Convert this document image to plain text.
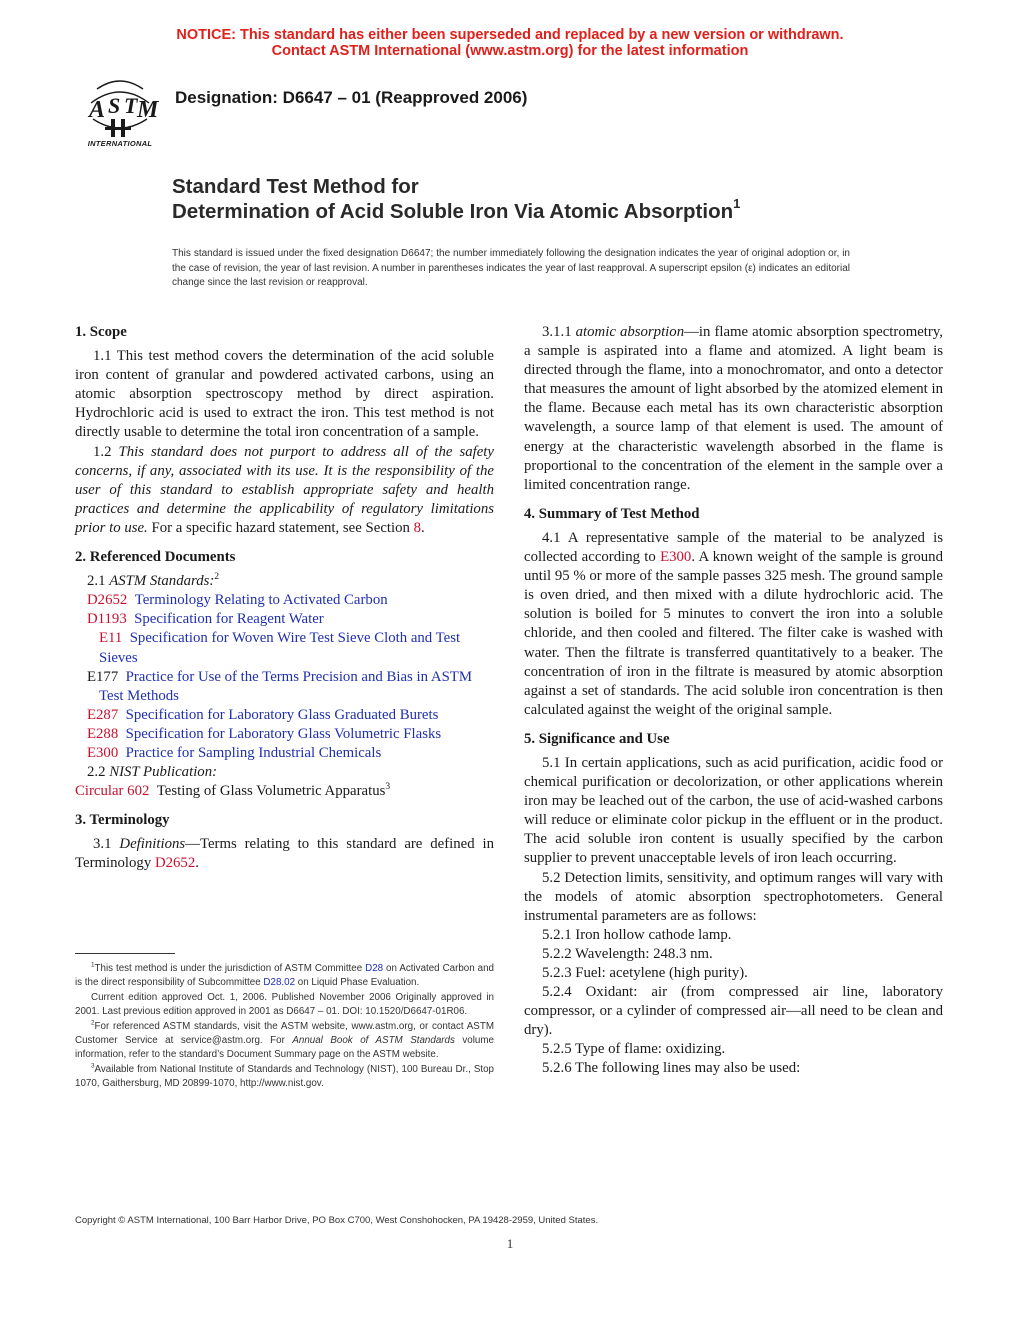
NOTICE: This standard has either been superseded and replaced by a new version or withdrawn.
Contact ASTM International (www.astm.org) for the latest information
A S T M
INTERNATIONAL
Designation: D6647 – 01 (Reapproved 2006)
Standard Test Method for
Determination of Acid Soluble Iron Via Atomic Absorption$^1$
This standard is issued under the fixed designation D6647; the number immediately following the designation indicates the year of original adoption or, in the case of revision, the year of last revision. A number in parentheses indicates the year of last reapproval. A superscript epsilon (ε) indicates an editorial change since the last revision or reapproval.

1. Scope

1.1 This test method covers the determination of the acid soluble iron content of granular and powdered activated carbons, using an atomic absorption spectroscopy method by direct aspiration. Hydrochloric acid is used to extract the iron. This test method is not directly usable to determine the total iron concentration of a sample.

1.2 This standard does not purport to address all of the safety concerns, if any, associated with its use. It is the responsibility of the user of this standard to establish appropriate safety and health practices and determine the applicability of regulatory limitations prior to use. For a specific hazard statement, see Section 8.

2. Referenced Documents

2.1 ASTM Standards:$^2$

D2652 Terminology Relating to Activated Carbon
D1193 Specification for Reagent Water
E11 Specification for Woven Wire Test Sieve Cloth and Test Sieves
E177 Practice for Use of the Terms Precision and Bias in ASTM Test Methods
E287 Specification for Laboratory Glass Graduated Burets
E288 Specification for Laboratory Glass Volumetric Flasks
E300 Practice for Sampling Industrial Chemicals

2.2 NIST Publication:

Circular 602 Testing of Glass Volumetric Apparatus$^3$

3. Terminology

3.1 Definitions—Terms relating to this standard are defined in Terminology D2652.

$^1$This test method is under the jurisdiction of ASTM Committee D28 on Activated Carbon and is the direct responsibility of Subcommittee D28.02 on Liquid Phase Evaluation.

Current edition approved Oct. 1, 2006. Published November 2006 Originally approved in 2001. Last previous edition approved in 2001 as D6647 – 01. DOI: 10.1520/D6647-01R06.

$^2$For referenced ASTM standards, visit the ASTM website, www.astm.org, or contact ASTM Customer Service at service@astm.org. For Annual Book of ASTM Standards volume information, refer to the standard’s Document Summary page on the ASTM website.

$^3$Available from National Institute of Standards and Technology (NIST), 100 Bureau Dr., Stop 1070, Gaithersburg, MD 20899-1070, http://www.nist.gov.

3.1.1 atomic absorption—in flame atomic absorption spectrometry, a sample is aspirated into a flame and atomized. A light beam is directed through the flame, into a monochromator, and onto a detector that measures the amount of light absorbed by the atomized element in the flame. Because each metal has its own characteristic absorption wavelength, a source lamp of that element is used. The amount of energy at the characteristic wavelength absorbed in the flame is proportional to the concentration of the element in the sample over a limited concentration range.

4. Summary of Test Method

4.1 A representative sample of the material to be analyzed is collected according to E300. A known weight of the sample is ground until 95 % or more of the sample passes 325 mesh. The ground sample is oven dried, and then mixed with a dilute hydrochloric acid. The solution is boiled for 5 minutes to convert the iron into a soluble chloride, and then cooled and filtered. The filter cake is washed with water. Then the filtrate is transferred quantitatively to a beaker. The concentration of iron in the filtrate is measured by atomic absorption against a set of standards. The acid soluble iron concentration is then calculated against the weight of the original sample.

5. Significance and Use

5.1 In certain applications, such as acid purification, acidic food or chemical purification or decolorization, or other applications wherein iron may be leached out of the carbon, the use of acid-washed carbons will reduce or eliminate color pickup in the effluent or in the product. The acid soluble iron content is usually specified by the carbon supplier to prevent unacceptable levels of iron leach occurring.

5.2 Detection limits, sensitivity, and optimum ranges will vary with the models of atomic absorption spectrophotometers. General instrumental parameters are as follows:

5.2.1 Iron hollow cathode lamp.

5.2.2 Wavelength: 248.3 nm.

5.2.3 Fuel: acetylene (high purity).

5.2.4 Oxidant: air (from compressed air line, laboratory compressor, or a cylinder of compressed air—all need to be clean and dry).

5.2.5 Type of flame: oxidizing.

5.2.6 The following lines may also be used:

Copyright © ASTM International, 100 Barr Harbor Drive, PO Box C700, West Conshohocken, PA 19428-2959, United States.
1
